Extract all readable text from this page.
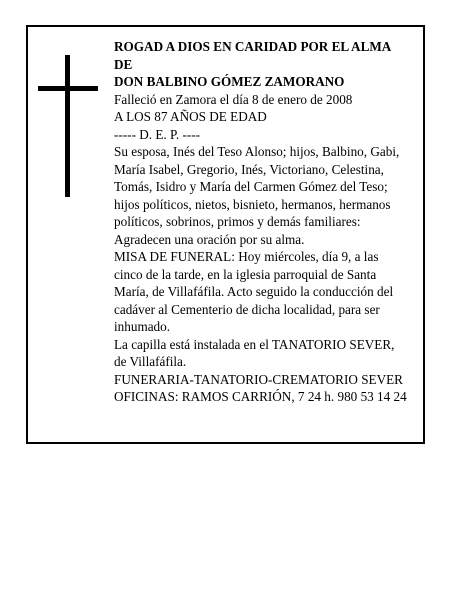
ROGAD A DIOS EN CARIDAD POR EL ALMA
DE
DON BALBINO GÓMEZ ZAMORANO
Falleció en Zamora el día 8 de enero de 2008
A LOS 87 AÑOS DE EDAD
----- D. E. P. ----
Su esposa, Inés del Teso Alonso; hijos, Balbino, Gabi,
María Isabel, Gregorio, Inés, Victoriano, Celestina,
Tomás, Isidro y María del Carmen Gómez del Teso;
hijos políticos, nietos, bisnieto, hermanos, hermanos
políticos, sobrinos, primos y demás familiares:
Agradecen una oración por su alma.
MISA DE FUNERAL: Hoy miércoles, día 9, a las
cinco de la tarde, en la iglesia parroquial de Santa
María, de Villafáfila. Acto seguido la conducción del
cadáver al Cementerio de dicha localidad, para ser
inhumado.
La capilla está instalada en el TANATORIO SEVER,
de Villafáfila.
FUNERARIA-TANATORIO-CREMATORIO SEVER
OFICINAS: RAMOS CARRIÓN, 7 24 h. 980 53 14 24
